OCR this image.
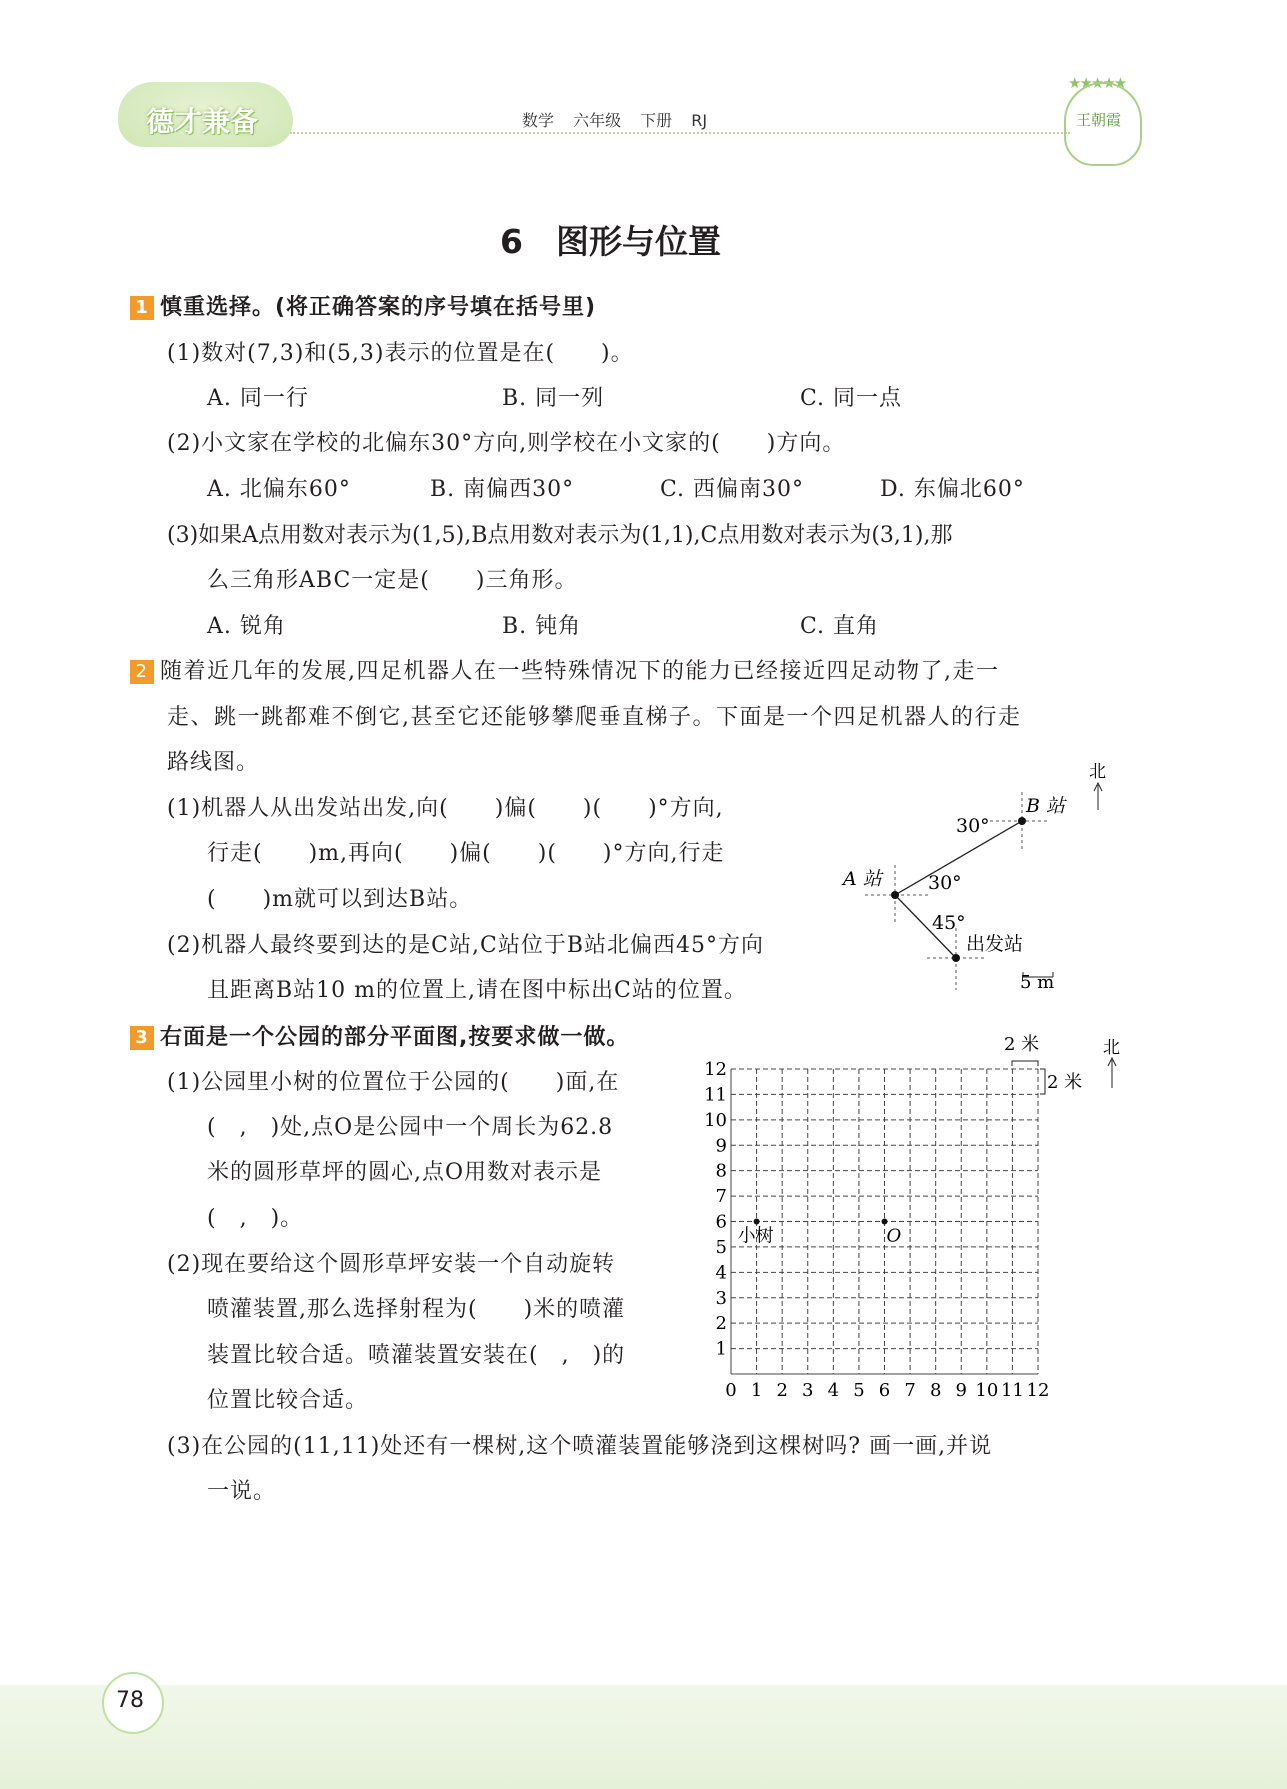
德才兼备	数学 六年级 下册 RJ
★★★★★
王朝霞
6　图形与位置
1 慎重选择。(将正确答案的序号填在括号里)
(1)数对(7,3)和(5,3)表示的位置是在(　　)。
A. 同一行	B. 同一列	C. 同一点
(2)小文家在学校的北偏东30°方向,则学校在小文家的(　　)方向。
A. 北偏东60°	B. 南偏西30°	C. 西偏南30°	D. 东偏北60°
(3)如果A点用数对表示为(1,5),B点用数对表示为(1,1),C点用数对表示为(3,1),那
么三角形ABC一定是(　　)三角形。
A. 锐角	B. 钝角	C. 直角
2 随着近几年的发展,四足机器人在一些特殊情况下的能力已经接近四足动物了,走一
走、跳一跳都难不倒它,甚至它还能够攀爬垂直梯子。下面是一个四足机器人的行走
路线图。
(1)机器人从出发站出发,向(　　)偏(　　)(　　)°方向,
行走(　　)m,再向(　　)偏(　　)(　　)°方向,行走
(　　)m就可以到达B站。
(2)机器人最终要到达的是C站,C站位于B站北偏西45°方向
且距离B站10 m的位置上,请在图中标出C站的位置。
北
B 站
A 站
出发站
30°
30°
45°
5 m
3 右面是一个公园的部分平面图,按要求做一做。
(1)公园里小树的位置位于公园的(　　)面,在
(　,　)处,点O是公园中一个周长为62.8
米的圆形草坪的圆心,点O用数对表示是
(　,　)。
(2)现在要给这个圆形草坪安装一个自动旋转
喷灌装置,那么选择射程为(　　)米的喷灌
装置比较合适。喷灌装置安装在(　,　)的
位置比较合适。
(3)在公园的(11,11)处还有一棵树,这个喷灌装置能够浇到这棵树吗? 画一画,并说
一说。
0 1 2 3 4 5 6 7 8 9 10 11 12
1
2
3
4
5
6
7
8
9
10
11
12
小树	O
北
2 米
2 米
78
